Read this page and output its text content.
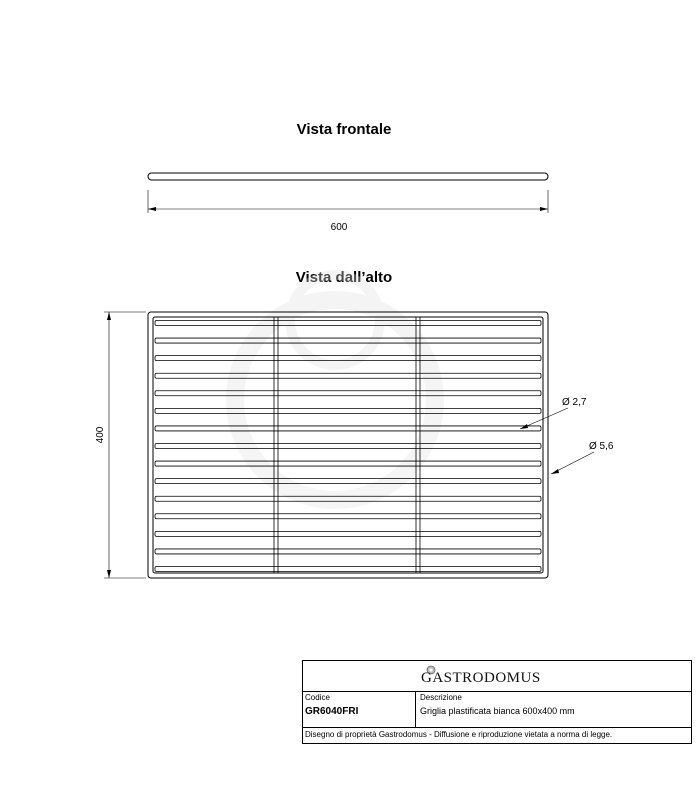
Vista frontale
Vista dall’alto
600
400
Ø 2,7
Ø 5,6
GASTRODOMUS
Codice
GR6040FRI
Descrizione
Griglia plastificata bianca 600x400 mm
Disegno di proprietà Gastrodomus - Diffusione e riproduzione vietata a norma di legge.
